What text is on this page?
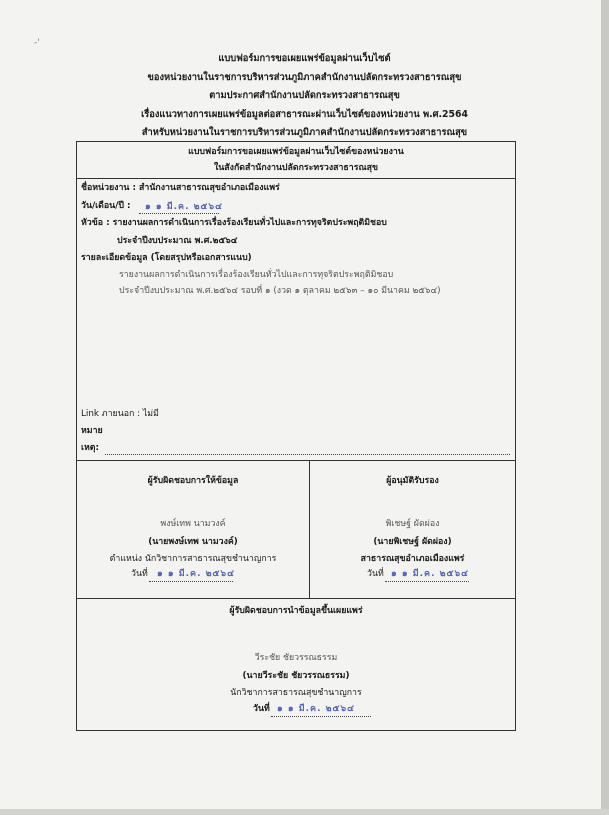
-'
แบบฟอร์มการขอเผยแพร่ข้อมูลผ่านเว็บไซต์
ของหน่วยงานในราชการบริหารส่วนภูมิภาคสำนักงานปลัดกระทรวงสาธารณสุข
ตามประกาศสำนักงานปลัดกระทรวงสาธารณสุข
เรื่องแนวทางการเผยแพร่ข้อมูลต่อสาธารณะผ่านเว็บไซต์ของหน่วยงาน พ.ศ.2564
สำหรับหน่วยงานในราชการบริหารส่วนภูมิภาคสำนักงานปลัดกระทรวงสาธารณสุข
แบบฟอร์มการขอเผยแพร่ข้อมูลผ่านเว็บไซต์ของหน่วยงาน
ในสังกัดสำนักงานปลัดกระทรวงสาธารณสุข
ชื่อหน่วยงาน : สำนักงานสาธารณสุขอำเภอเมืองแพร่
วัน/เดือน/ปี : ๑ ๑ มี.ค. ๒๕๖๔
หัวข้อ : รายงานผลการดำเนินการเรื่องร้องเรียนทั่วไปและการทุจริตประพฤติมิชอบ
ประจำปีงบประมาณ พ.ศ.๒๕๖๔
รายละเอียดข้อมูล (โดยสรุปหรือเอกสารแนบ)
รายงานผลการดำเนินการเรื่องร้องเรียนทั่วไปและการทุจริตประพฤติมิชอบ
ประจำปีงบประมาณ พ.ศ.๒๕๖๔ รอบที่ ๑ (งวด ๑ ตุลาคม ๒๕๖๓ – ๑๐ มีนาคม ๒๕๖๔)
Link ภายนอก : ไม่มี
หมาย
เหตุ:
ผู้รับผิดชอบการให้ข้อมูล
พงษ์เทพ นามวงค์
(นายพงษ์เทพ นามวงค์)
ตำแหน่ง นักวิชาการสาธารณสุขชำนาญการ
วันที่ ๑ ๑ มี.ค. ๒๕๖๔
ผู้อนุมัติรับรอง
พิเชษฐ์ ผัดผ่อง
(นายพิเชษฐ์ ผัดผ่อง)
สาธารณสุขอำเภอเมืองแพร่
วันที่ ๑ ๑ มี.ค. ๒๕๖๔
ผู้รับผิดชอบการนำข้อมูลขึ้นเผยแพร่
วีระชัย ชัยวรรณธรรม
(นายวีระชัย ชัยวรรณธรรม)
นักวิชาการสาธารณสุขชำนาญการ
วันที่ ๑ ๑ มี.ค. ๒๕๖๔
